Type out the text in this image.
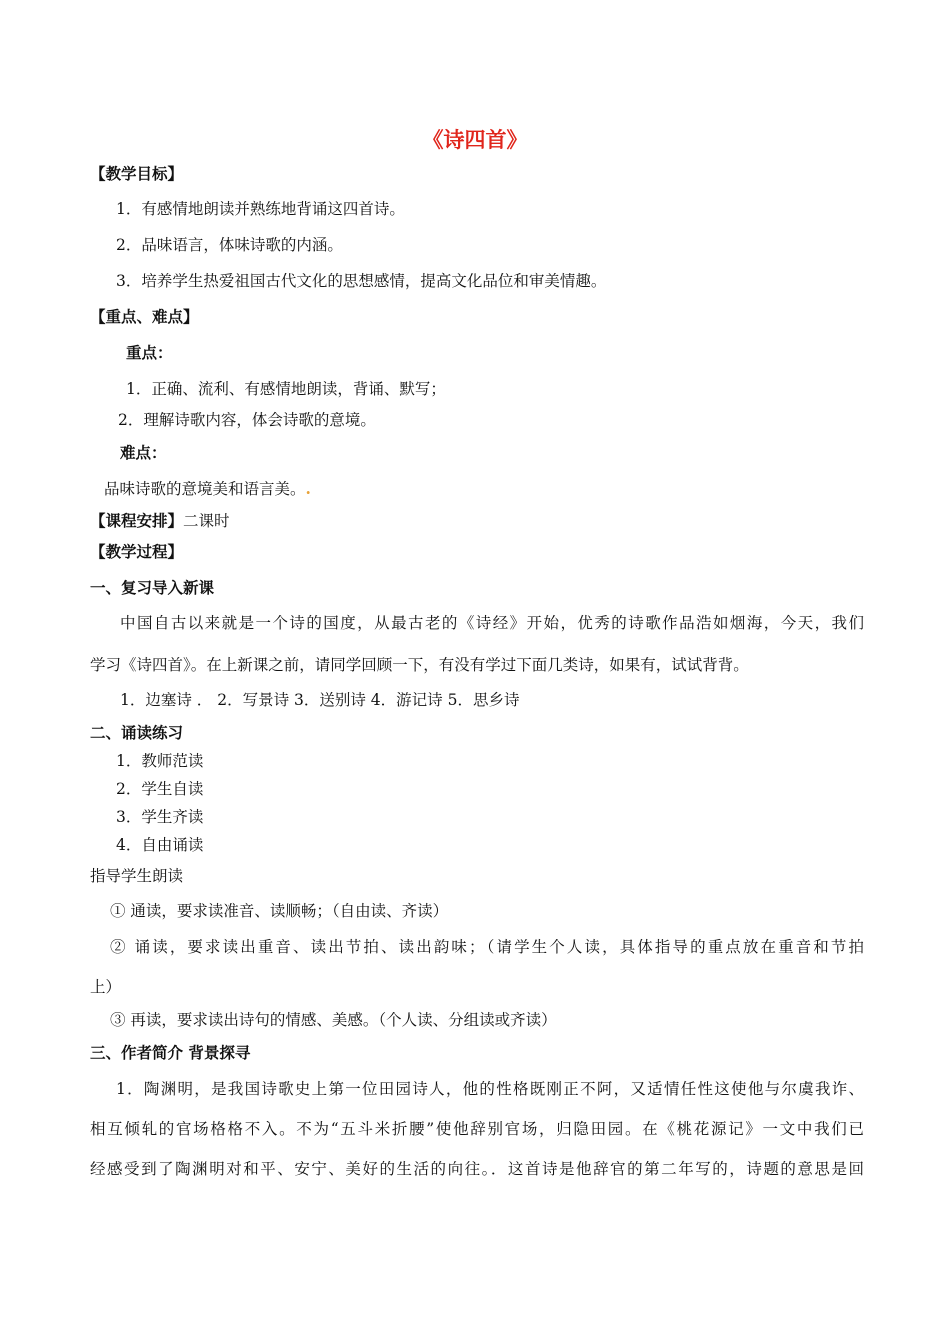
《诗四首》
【教学目标】
1．有感情地朗读并熟练地背诵这四首诗。
2．品味语言，体味诗歌的内涵。
3．培养学生热爱祖国古代文化的思想感情，提高文化品位和审美情趣。
【重点、难点】
重点：
1．正确、流利、有感情地朗读，背诵、默写；
2．理解诗歌内容，体会诗歌的意境。
难点：
品味诗歌的意境美和语言美。.
【课程安排】二课时
【教学过程】
一、复习导入新课
中国自古以来就是一个诗的国度，从最古老的《诗经》开始，优秀的诗歌作品浩如烟海，今天，我们
学习《诗四首》。在上新课之前，请同学回顾一下，有没有学过下面几类诗，如果有，试试背背。
1．边塞诗 ． 2．写景诗 3．送别诗 4．游记诗 5．思乡诗
二、诵读练习
1．教师范读
2．学生自读
3．学生齐读
4．自由诵读
指导学生朗读
① 通读，要求读准音、读顺畅；（自由读、齐读）
② 诵读，要求读出重音、读出节拍、读出韵味；（请学生个人读，具体指导的重点放在重音和节拍
上）
③ 再读，要求读出诗句的情感、美感。（个人读、分组读或齐读）
三、作者简介 背景探寻
1．陶渊明，是我国诗歌史上第一位田园诗人，他的性格既刚正不阿，又适情任性这使他与尔虞我诈、
相互倾轧的官场格格不入。不为“五斗米折腰”使他辞别官场，归隐田园。在《桃花源记》一文中我们已
经感受到了陶渊明对和平、安宁、美好的生活的向往。．这首诗是他辞官的第二年写的，诗题的意思是回
